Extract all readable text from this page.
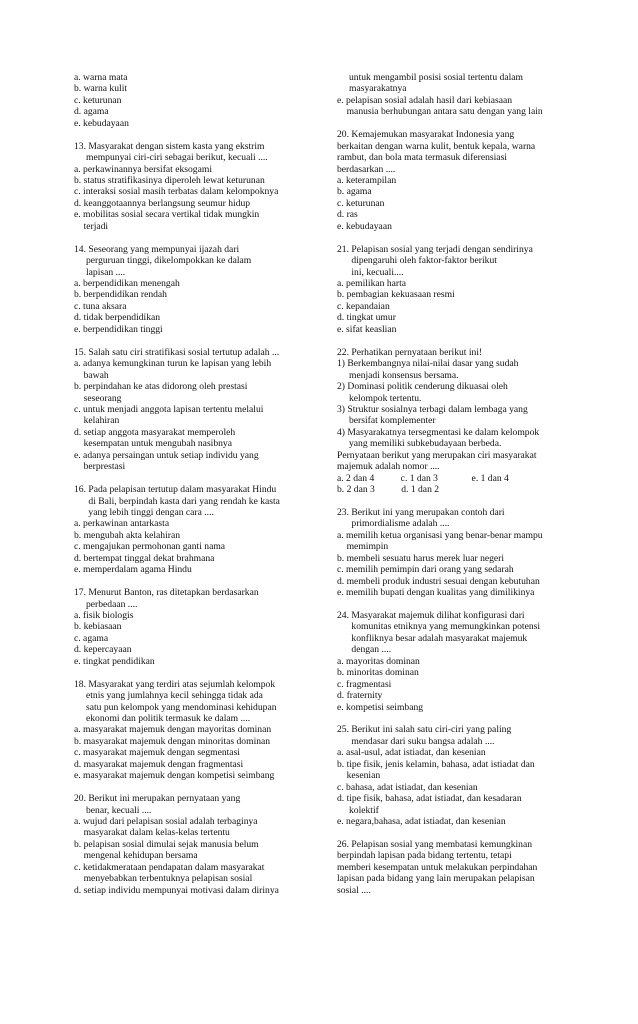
a. warna mata
b. warna kulit
c. keturunan
d. agama
e. kebudayaan
13. Masyarakat dengan sistem kasta yang ekstrim
mempunyai ciri-ciri sebagai berikut, kecuali ....
a. perkawinannya bersifat eksogami
b. status stratifikasinya diperoleh lewat keturunan
c. interaksi sosial masih terbatas dalam kelompoknya
d. keanggotaannya berlangsung seumur hidup
e. mobilitas sosial secara vertikal tidak mungkin
terjadi
14. Seseorang yang mempunyai ijazah dari
perguruan tinggi, dikelompokkan ke dalam
lapisan ....
a. berpendidikan menengah
b. berpendidikan rendah
c. tuna aksara
d. tidak berpendidikan
e. berpendidikan tinggi
15. Salah satu ciri stratifikasi sosial tertutup adalah ...
a. adanya kemungkinan turun ke lapisan yang lebih
bawah
b. perpindahan ke atas didorong oleh prestasi
seseorang
c. untuk menjadi anggota lapisan tertentu melalui
kelahiran
d. setiap anggota masyarakat memperoleh
kesempatan untuk mengubah nasibnya
e. adanya persaingan untuk setiap individu yang
berprestasi
16. Pada pelapisan tertutup dalam masyarakat Hindu
di Bali, berpindah kasta dari yang rendah ke kasta
yang lebih tinggi dengan cara ....
a. perkawinan antarkasta
b. mengubah akta kelahiran
c. mengajukan permohonan ganti nama
d. bertempat tinggal dekat brahmana
e. memperdalam agama Hindu
17. Menurut Banton, ras ditetapkan berdasarkan
perbedaan ....
a. fisik biologis
b. kebiasaan
c. agama
d. kepercayaan
e. tingkat pendidikan
18. Masyarakat yang terdiri atas sejumlah kelompok
etnis yang jumlahnya kecil sehingga tidak ada
satu pun kelompok yang mendominasi kehidupan
ekonomi dan politik termasuk ke dalam ....
a. masyarakat majemuk dengan mayoritas dominan
b. masyarakat majemuk dengan minoritas dominan
c. masyarakat majemuk dengan segmentasi
d. masyarakat majemuk dengan fragmentasi
e. masyarakat majemuk dengan kompetisi seimbang
20. Berikut ini merupakan pernyataan yang
benar, kecuali ....
a. wujud dari pelapisan sosial adalah terbaginya
masyarakat dalam kelas-kelas tertentu
b. pelapisan sosial dimulai sejak manusia belum
mengenal kehidupan bersama
c. ketidakmerataan pendapatan dalam masyarakat
menyebabkan terbentuknya pelapisan sosial
d. setiap individu mempunyai motivasi dalam dirinya
untuk mengambil posisi sosial tertentu dalam
masyarakatnya
e. pelapisan sosial adalah hasil dari kebiasaan
manusia berhubungan antara satu dengan yang lain
20. Kemajemukan masyarakat Indonesia yang
berkaitan dengan warna kulit, bentuk kepala, warna
rambut, dan bola mata termasuk diferensiasi
berdasarkan ....
a. keterampilan
b. agama
c. keturunan
d. ras
e. kebudayaan
21. Pelapisan sosial yang terjadi dengan sendirinya
dipengaruhi oleh faktor-faktor berikut
ini, kecuali....
a. pemilikan harta
b. pembagian kekuasaan resmi
c. kepandaian
d. tingkat umur
e. sifat keaslian
22. Perhatikan pernyataan berikut ini!
1) Berkembangnya nilai-nilai dasar yang sudah
menjadi konsensus bersama.
2) Dominasi politik cenderung dikuasai oleh
kelompok tertentu.
3) Struktur sosialnya terbagi dalam lembaga yang
bersifat komplementer
4) Masyarakatnya tersegmentasi ke dalam kelompok
yang memiliki subkebudayaan berbeda.
Pernyataan berikut yang merupakan ciri masyarakat
majemuk adalah nomor ....
a. 2 dan 4           c. 1 dan 3              e. 1 dan 4
b. 2 dan 3           d. 1 dan 2
23. Berikut ini yang merupakan contoh dari
primordialisme adalah ....
a. memilih ketua organisasi yang benar-benar mampu
memimpin
b. membeli sesuatu harus merek luar negeri
c. memilih pemimpin dari orang yang sedarah
d. membeli produk industri sesuai dengan kebutuhan
e. memilih bupati dengan kualitas yang dimilikinya
24. Masyarakat majemuk dilihat konfigurasi dari
komunitas etniknya yang memungkinkan potensi
konfliknya besar adalah masyarakat majemuk
dengan ....
a. mayoritas dominan
b. minoritas dominan
c. fragmentasi
d. fraternity
e. kompetisi seimbang
25. Berikut ini salah satu ciri-ciri yang paling
mendasar dari suku bangsa adalah ....
a. asal-usul, adat istiadat, dan kesenian
b. tipe fisik, jenis kelamin, bahasa, adat istiadat dan
kesenian
c. bahasa, adat istiadat, dan kesenian
d. tipe fisik, bahasa, adat istiadat, dan kesadaran
kolektif
e. negara,bahasa, adat istiadat, dan kesenian
26. Pelapisan sosial yang membatasi kemungkinan
berpindah lapisan pada bidang tertentu, tetapi
memberi kesempatan untuk melakukan perpindahan
lapisan pada bidang yang lain merupakan pelapisan
sosial ....
